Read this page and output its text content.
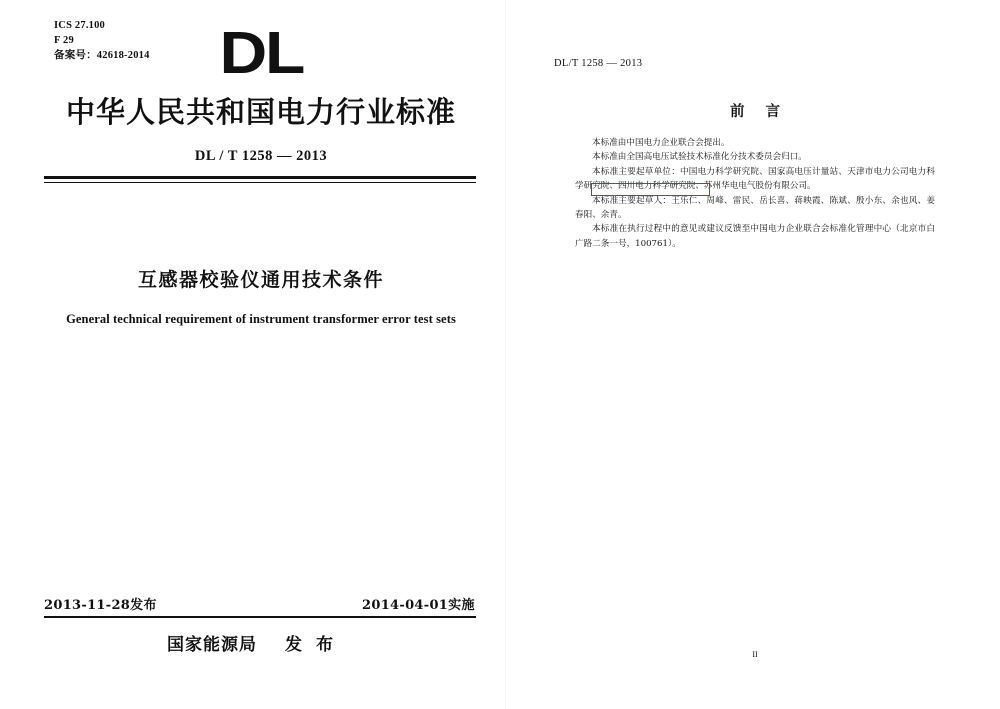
ICS 27.100
F 29
备案号：42618-2014	DL
中华人民共和国电力行业标准
DL / T 1258 — 2013
互感器校验仪通用技术条件
General technical requirement of instrument transformer error test sets
2013-11-28发布	2014-04-01实施
国家能源局 发 布
DL/T 1258 — 2013
前 言

本标准由中国电力企业联合会提出。

本标准由全国高电压试验技术标准化分技术委员会归口。

本标准主要起草单位：中国电力科学研究院、国家高电压计量站、天津市电力公司电力科学研究院、四川电力科学研究院、苏州华电电气股份有限公司。

本标准主要起草人：王乐仁、周峰、雷民、岳长喜、蒋映霞、陈斌、殷小东、余也风、姜春阳、余青。

本标准在执行过程中的意见或建议反馈至中国电力企业联合会标准化管理中心（北京市白广路二条一号，100761）。

II
